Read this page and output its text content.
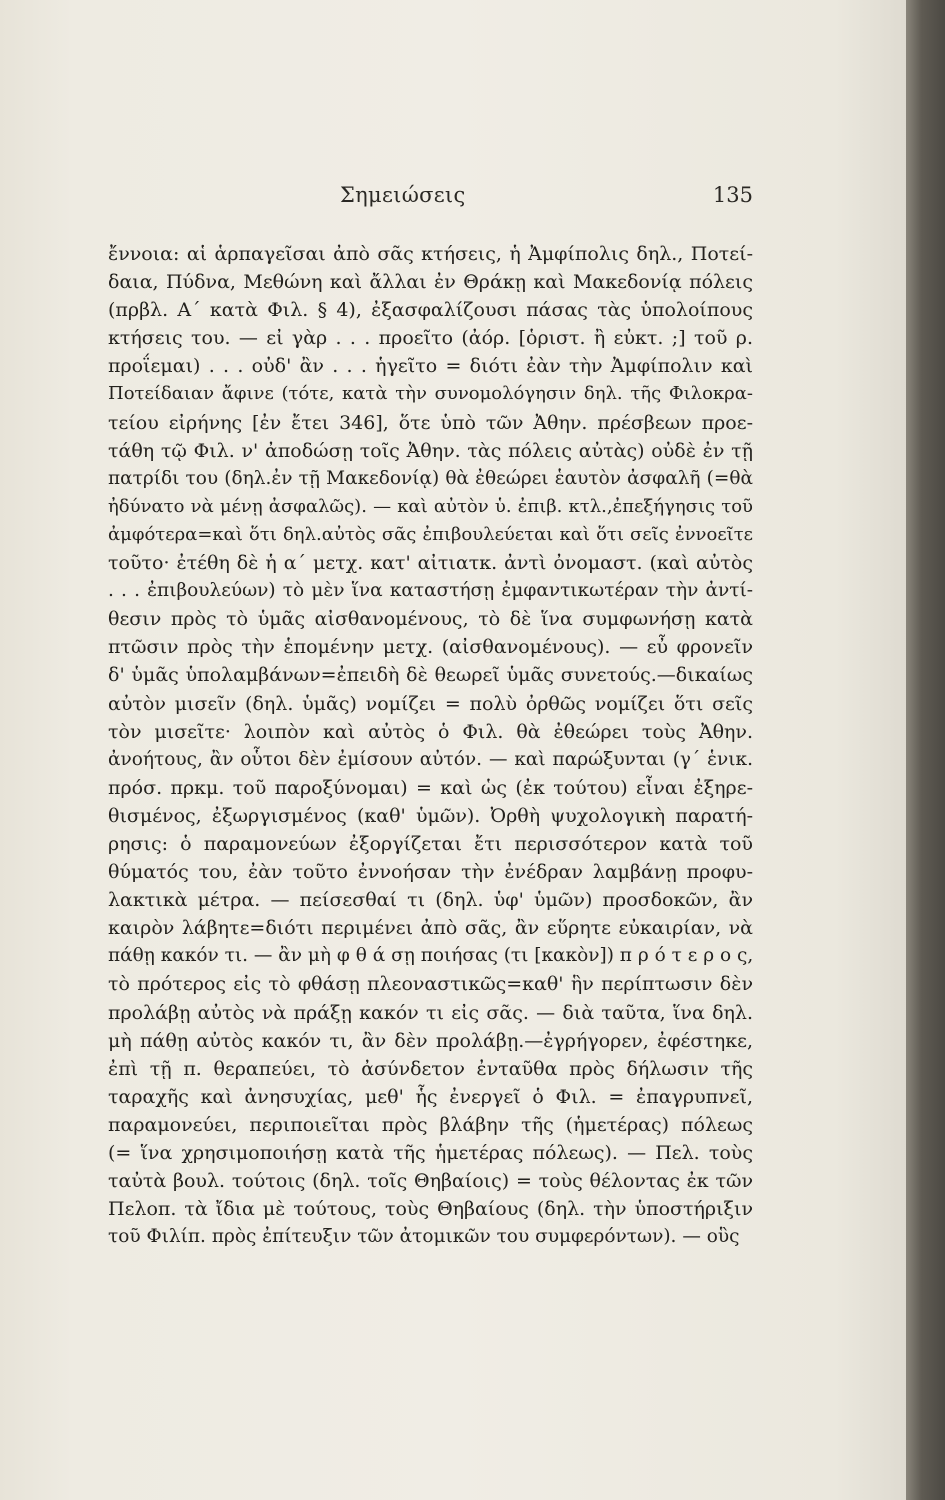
Σημειώσεις	135
ἔννοια: αἱ ἁρπαγεῖσαι ἀπὸ σᾶς κτήσεις, ἡ Ἀμφίπολις δηλ., Ποτεί-
δαια, Πύδνα, Μεθώνη καὶ ἄλλαι ἐν Θράκῃ καὶ Μακεδονίᾳ πόλεις
(πρβλ. Α΄ κατὰ Φιλ. § 4), ἐξασφαλίζουσι πάσας τὰς ὑπολοίπους
κτήσεις του. — εἰ γὰρ . . . προεῖτο (ἀόρ. [ὁριστ. ἢ εὐκτ. ;] τοῦ ρ.
προΐεμαι) . . . οὐδ' ἂν . . . ἡγεῖτο = διότι ἐὰν τὴν Ἀμφίπολιν καὶ
Ποτείδαιαν ἄφινε (τότε, κατὰ τὴν συνομολόγησιν δηλ. τῆς Φιλοκρα-
τείου εἰρήνης [ἐν ἔτει 346], ὅτε ὑπὸ τῶν Ἀθην. πρέσβεων προε-
τάθη τῷ Φιλ. ν' ἀποδώσῃ τοῖς Ἀθην. τὰς πόλεις αὐτὰς) οὐδὲ ἐν τῇ
πατρίδι του (δηλ.ἐν τῇ Μακεδονίᾳ) θὰ ἐθεώρει ἑαυτὸν ἀσφαλῆ (=θὰ
ἠδύνατο νὰ μένῃ ἀσφαλῶς). — καὶ αὐτὸν ὑ. ἐπιβ. κτλ.,ἐπεξήγησις τοῦ
ἀμφότερα=καὶ ὅτι δηλ.αὐτὸς σᾶς ἐπιβουλεύεται καὶ ὅτι σεῖς ἐννοεῖτε
τοῦτο· ἐτέθη δὲ ἡ α΄ μετχ. κατ' αἰτιατκ. ἀντὶ ὀνομαστ. (καὶ αὐτὸς
. . . ἐπιβουλεύων) τὸ μὲν ἵνα καταστήσῃ ἐμφαντικωτέραν τὴν ἀντί-
θεσιν πρὸς τὸ ὑμᾶς αἰσθανομένους, τὸ δὲ ἵνα συμφωνήσῃ κατὰ
πτῶσιν πρὸς τὴν ἑπομένην μετχ. (αἰσθανομένους). — εὖ φρονεῖν
δ' ὑμᾶς ὑπολαμβάνων=ἐπειδὴ δὲ θεωρεῖ ὑμᾶς συνετούς.—δικαίως
αὐτὸν μισεῖν (δηλ. ὑμᾶς) νομίζει = πολὺ ὀρθῶς νομίζει ὅτι σεῖς
τὸν μισεῖτε· λοιπὸν καὶ αὐτὸς ὁ Φιλ. θὰ ἐθεώρει τοὺς Ἀθην.
ἀνοήτους, ἂν οὗτοι δὲν ἐμίσουν αὐτόν. — καὶ παρώξυνται (γ΄ ἑνικ.
πρόσ. πρκμ. τοῦ παροξύνομαι) = καὶ ὡς (ἐκ τούτου) εἶναι ἐξηρε-
θισμένος, ἐξωργισμένος (καθ' ὑμῶν). Ὀρθὴ ψυχολογικὴ παρατή-
ρησις: ὁ παραμονεύων ἐξοργίζεται ἔτι περισσότερον κατὰ τοῦ
θύματός του, ἐὰν τοῦτο ἐννοήσαν τὴν ἐνέδραν λαμβάνῃ προφυ-
λακτικὰ μέτρα. — πείσεσθαί τι (δηλ. ὑφ' ὑμῶν) προσδοκῶν, ἂν
καιρὸν λάβητε=διότι περιμένει ἀπὸ σᾶς, ἂν εὕρητε εὐκαιρίαν, νὰ
πάθῃ κακόν τι. — ἂν μὴ φ θ ά σῃ ποιήσας (τι [κακὸν]) π ρ ό τ ε ρ ο ς,
τὸ πρότερος εἰς τὸ φθάσῃ πλεοναστικῶς=καθ' ἣν περίπτωσιν δὲν
προλάβῃ αὐτὸς νὰ πράξῃ κακόν τι εἰς σᾶς. — διὰ ταῦτα, ἵνα δηλ.
μὴ πάθῃ αὐτὸς κακόν τι, ἂν δὲν προλάβῃ.—ἐγρήγορεν, ἐφέστηκε,
ἐπὶ τῇ π. θεραπεύει, τὸ ἀσύνδετον ἐνταῦθα πρὸς δήλωσιν τῆς
ταραχῆς καὶ ἀνησυχίας, μεθ' ἧς ἐνεργεῖ ὁ Φιλ. = ἐπαγρυπνεῖ,
παραμονεύει, περιποιεῖται πρὸς βλάβην τῆς (ἡμετέρας) πόλεως
(= ἵνα χρησιμοποιήσῃ κατὰ τῆς ἡμετέρας πόλεως). — Πελ. τοὺς
ταὐτὰ βουλ. τούτοις (δηλ. τοῖς Θηβαίοις) = τοὺς θέλοντας ἐκ τῶν
Πελοπ. τὰ ἴδια μὲ τούτους, τοὺς Θηβαίους (δηλ. τὴν ὑποστήριξιν
τοῦ Φιλίπ. πρὸς ἐπίτευξιν τῶν ἀτομικῶν του συμφερόντων). — οὓς
